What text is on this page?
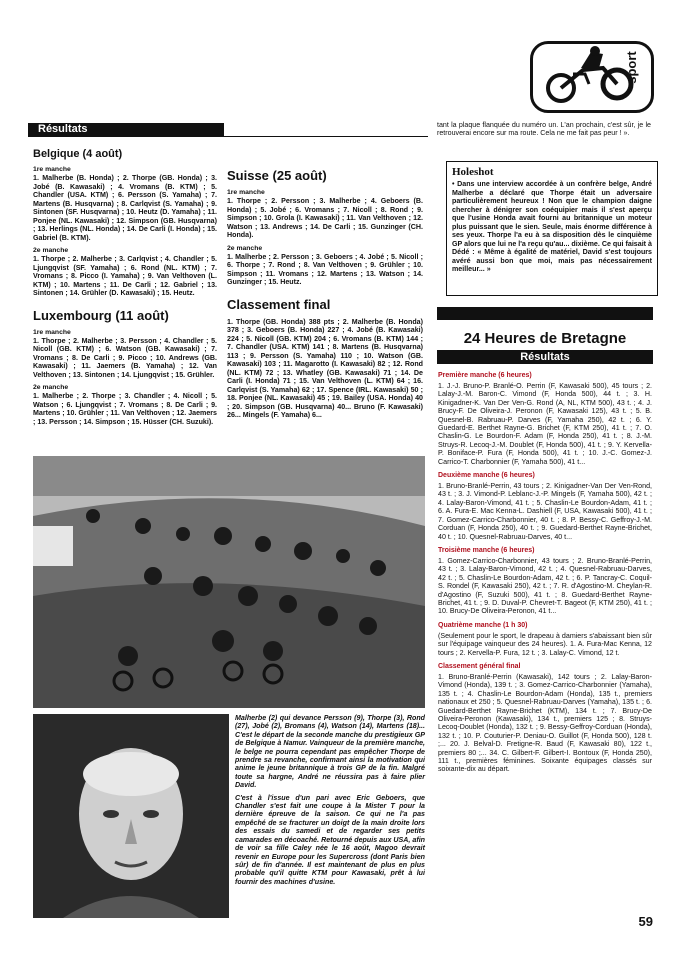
sport
Résultats
Belgique (4 août)
1re manche

1. Malherbe (B. Honda) ; 2. Thorpe (GB. Honda) ; 3. Jobé (B. Kawasaki) ; 4. Vromans (B. KTM) ; 5. Chandler (USA. KTM) ; 6. Persson (S. Yamaha) ; 7. Martens (B. Husqvarna) ; 8. Carlqvist (S. Yamaha) ; 9. Sintonen (SF. Husqvarna) ; 10. Heutz (D. Yamaha) ; 11. Ponjee (NL. Kawasaki) ; 12. Simpson (GB. Husqvarna) ; 13. Herlings (NL. Honda) ; 14. De Carli (I. Honda) ; 15. Gabriel (B. KTM).

2e manche

1. Thorpe ; 2. Malherbe ; 3. Carlqvist ; 4. Chandler ; 5. Ljungqvist (SF. Yamaha) ; 6. Rond (NL. KTM) ; 7. Vromans ; 8. Picco (I. Yamaha) ; 9. Van Velthoven (L. KTM) ; 10. Martens ; 11. De Carli ; 12. Gabriel ; 13. Sintonen ; 14. Grühler (D. Kawasaki) ; 15. Heutz.

Luxembourg (11 août)
1re manche

1. Thorpe ; 2. Malherbe ; 3. Persson ; 4. Chandler ; 5. Nicoll (GB. KTM) ; 6. Watson (GB. Kawasaki) ; 7. Vromans ; 8. De Carli ; 9. Picco ; 10. Andrews (GB. Kawasaki) ; 11. Jaemers (B. Yamaha) ; 12. Van Velthoven ; 13. Sintonen ; 14. Ljungqvist ; 15. Grühler.

2e manche

1. Malherbe ; 2. Thorpe ; 3. Chandler ; 4. Nicoll ; 5. Watson ; 6. Ljungqvist ; 7. Vromans ; 8. De Carli ; 9. Martens ; 10. Grühler ; 11. Van Velthoven ; 12. Jaemers ; 13. Persson ; 14. Simpson ; 15. Hüsser (CH. Suzuki).

Suisse (25 août)
1re manche

1. Thorpe ; 2. Persson ; 3. Malherbe ; 4. Geboers (B. Honda) ; 5. Jobé ; 6. Vromans ; 7. Nicoll ; 8. Rond ; 9. Simpson ; 10. Grola (I. Kawasaki) ; 11. Van Velthoven ; 12. Watson ; 13. Andrews ; 14. De Carli ; 15. Gunzinger (CH. Honda).

2e manche

1. Malherbe ; 2. Persson ; 3. Geboers ; 4. Jobé ; 5. Nicoll ; 6. Thorpe ; 7. Rond ; 8. Van Velthoven ; 9. Grühler ; 10. Simpson ; 11. Vromans ; 12. Martens ; 13. Watson ; 14. Gunzinger ; 15. Heutz.

Classement final

1. Thorpe (GB. Honda) 388 pts ; 2. Malherbe (B. Honda) 378 ; 3. Geboers (B. Honda) 227 ; 4. Jobé (B. Kawasaki) 224 ; 5. Nicoll (GB. KTM) 204 ; 6. Vromans (B. KTM) 144 ; 7. Chandler (USA. KTM) 141 ; 8. Martens (B. Husqvarna) 113 ; 9. Persson (S. Yamaha) 110 ; 10. Watson (GB. Kawasaki) 103 ; 11. Magarotto (I. Kawasaki) 82 ; 12. Rond (NL. KTM) 72 ; 13. Whatley (GB. Kawasaki) 71 ; 14. De Carli (I. Honda) 71 ; 15. Van Velthoven (L. KTM) 64 ; 16. Carlqvist (S. Yamaha) 62 ; 17. Spence (IRL. Kawasaki) 50 ; 18. Ponjee (NL. Kawasaki) 45 ; 19. Bailey (USA. Honda) 40 ; 20. Simpson (GB. Husqvarna) 40... Bruno (F. Kawasaki) 26... Mingels (F. Yamaha) 6...

Malherbe (2) qui devance Persson (9), Thorpe (3), Rond (27), Jobé (2), Bromans (4), Watson (14), Martens (18)... C'est le départ de la seconde manche du prestigieux GP de Belgique à Namur. Vainqueur de la première manche, le belge ne pourra cependant pas empêcher Thorpe de prendre sa revanche, confirmant ainsi la motivation qui anime le jeune britannique à trois GP de la fin. Malgré toute sa hargne, André ne réussira pas à faire plier David.

C'est à l'issue d'un pari avec Eric Geboers, que Chandler s'est fait une coupe à la Mister T pour la dernière épreuve de la saison. Ce qui ne l'a pas empêché de se fracturer un doigt de la main droite lors des essais du samedi et de regarder ses petits camarades en décoaché. Retourné depuis aux USA, afin de voir sa fille Caley née le 16 août, Magoo devrait revenir en Europe pour les Supercross (dont Paris bien sûr) de fin d'année. Il est maintenant de plus en plus probable qu'il quitte KTM pour Kawasaki, prêt à lui fournir des machines d'usine.

tant la plaque flanquée du numéro un. L'an prochain, c'est sûr, je le retrouverai encore sur ma route. Cela ne me fait pas peur ! ».
Holeshot

• Dans une interview accordée à un confrère belge, André Malherbe a déclaré que Thorpe était un adversaire particulièrement heureux ! Non que le champion daigne chercher à dénigrer son coéquipier mais il s'est aperçu que l'usine Honda avait fourni au britannique un moteur plus puissant que le sien. Seule, mais énorme différence à ses yeux. Thorpe l'a eu à sa disposition dès le cinquième GP alors que lui ne l'a reçu qu'au... dixième. Ce qui faisait à Dédé : « Même à égalité de matériel, David s'est toujours avéré aussi bon que moi, mais pas nécessairement meilleur... »

24 Heures de Bretagne
Résultats
Première manche (6 heures)

1. J.-J. Bruno-P. Branlé-O. Perrin (F, Kawasaki 500), 45 tours ; 2. Lalay-J.-M. Baron-C. Vimond (F, Honda 500), 44 t. ; 3. H. Kinigadner-K. Van Der Ven-G. Rond (A, NL, KTM 500), 43 t. ; 4. J. Brucy-F. De Oliveira-J. Peronon (F, Kawasaki 125), 43 t. ; 5. B. Quesnel-B. Rabruau-P. Darves (F, Yamaha 250), 42 t. ; 6. Y. Guedard-E. Berthet Rayne-G. Brichet (F, KTM 250), 41 t. ; 7. O. Chaslin-G. Le Bourdon-F. Adam (F, Honda 250), 41 t. ; 8. J.-M. Struys-R. Lecoq-J.-M. Doublet (F, Honda 500), 41 t. ; 9. Y. Kervella-P. Boniface-P. Fura (F, Honda 500), 41 t. ; 10. J.-C. Gomez-J. Carrico-T. Charbonnier (F, Yamaha 500), 41 t...

Deuxième manche (6 heures)

1. Bruno-Branlé-Perrin, 43 tours ; 2. Kinigadner-Van Der Ven-Rond, 43 t. ; 3. J. Vimond-P. Leblanc-J.-P. Mingels (F, Yamaha 500), 42 t. ; 4. Lalay-Baron-Vimond, 41 t. ; 5. Chaslin-Le Bourdon-Adam, 41 t. ; 6. A. Fura-E. Mac Kenna-L. Dashiell (F, USA, Kawasaki 500), 41 t. ; 7. Gomez-Carrico-Charbonnier, 40 t. ; 8. P. Bessy-C. Geffroy-J.-M. Corduan (F, Honda 250), 40 t. ; 9. Guedard-Berthet Rayne-Brichet, 40 t. ; 10. Quesnel-Rabruau-Darves, 40 t...

Troisième manche (6 heures)

1. Gomez-Carrico-Charbonnier, 43 tours ; 2. Bruno-Branlé-Perrin, 43 t. ; 3. Lalay-Baron-Vimond, 42 t. ; 4. Quesnel-Rabruau-Darves, 42 t. ; 5. Chaslin-Le Bourdon-Adam, 42 t. ; 6. P. Tancray-C. Coquil-S. Rondel (F, Kawasaki 250), 42 t. ; 7. R. d'Agostino-M. Cheylan-R. d'Agostino (F, Suzuki 500), 41 t. ; 8. Guedard-Berthet Rayne-Brichet, 41 t. ; 9. D. Duval-P. Chevret-T. Bageot (F, KTM 250), 41 t. ; 10. Brucy-De Oliveira-Peronon, 41 t...

Quatrième manche (1 h 30)

(Seulement pour le sport, le drapeau à damiers s'abaissant bien sûr sur l'équipage vainqueur des 24 heures). 1. A. Fura-Mac Kenna, 12 tours ; 2. Kervella-P. Fura, 12 t. ; 3. Lalay-C. Vimond, 12 t.

Classement général final

1. Bruno-Branlé-Perrin (Kawasaki), 142 tours ; 2. Lalay-Baron-Vimond (Honda), 139 t. ; 3. Gomez-Carrico-Charbonnier (Yamaha), 135 t. ; 4. Chaslin-Le Bourdon-Adam (Honda), 135 t., premiers nationaux et 250 ; 5. Quesnel-Rabruau-Darves (Yamaha), 135 t. ; 6. Guedard-Berthet Rayne-Brichet (KTM), 134 t. ; 7. Brucy-De Oliveira-Peronon (Kawasaki), 134 t., premiers 125 ; 8. Struys-Lecoq-Doublet (Honda), 132 t. ; 9. Bessy-Geffroy-Corduan (Honda), 132 t. ; 10. P. Couturier-P. Deniau-O. Guillot (F, Honda 500), 128 t. ;... 20. J. Belval-D. Fretigne-R. Baud (F, Kawasaki 80), 122 t., premiers 80 ;... 34. C. Gilbert-F. Gilbert-I. Bontoux (F, Honda 250), 111 t., premières féminines. Soixante équipages classés sur soixante-dix au départ.

59
